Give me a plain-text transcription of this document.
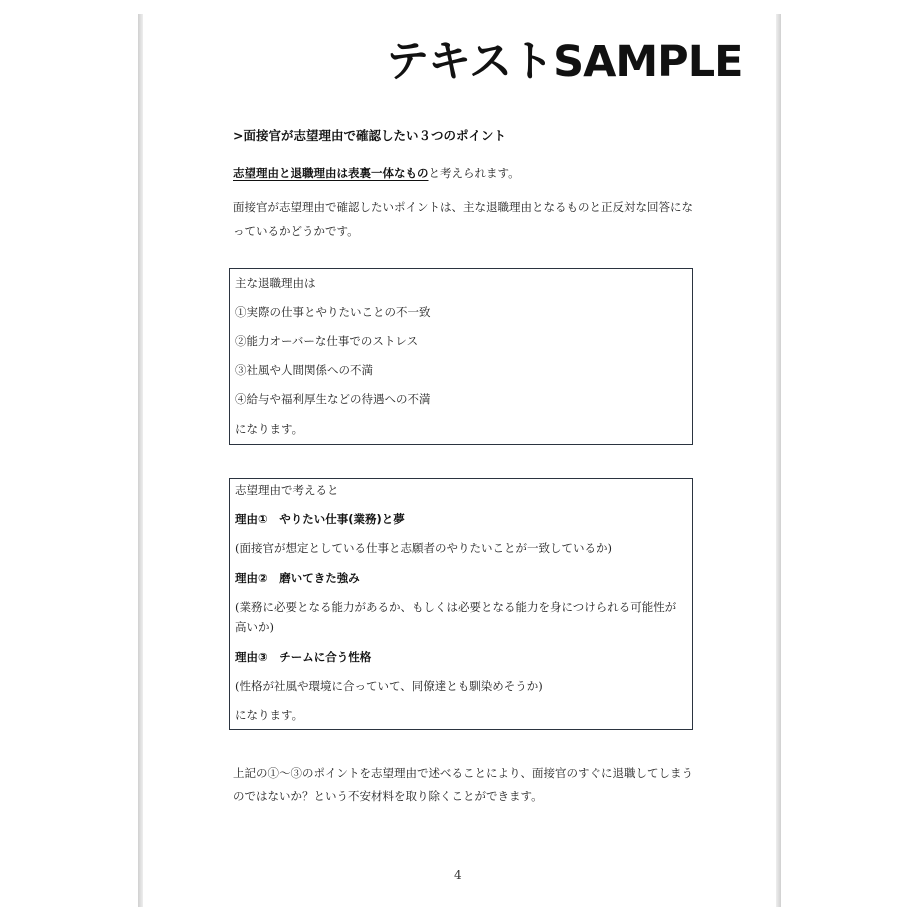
テキストSAMPLE
>面接官が志望理由で確認したい３つのポイント
志望理由と退職理由は表裏一体なものと考えられます。
面接官が志望理由で確認したいポイントは、主な退職理由となるものと正反対な回答になっているかどうかです。
主な退職理由は
①実際の仕事とやりたいことの不一致
②能力オーバーな仕事でのストレス
③社風や人間関係への不満
④給与や福利厚生などの待遇への不満
になります。
志望理由で考えると
理由①　やりたい仕事(業務)と夢
(面接官が想定としている仕事と志願者のやりたいことが一致しているか)
理由②　磨いてきた強み
(業務に必要となる能力があるか、もしくは必要となる能力を身につけられる可能性が高いか)
理由③　チームに合う性格
(性格が社風や環境に合っていて、同僚達とも馴染めそうか)
になります。
上記の①～③のポイントを志望理由で述べることにより、面接官のすぐに退職してしまうのではないか？という不安材料を取り除くことができます。
4
